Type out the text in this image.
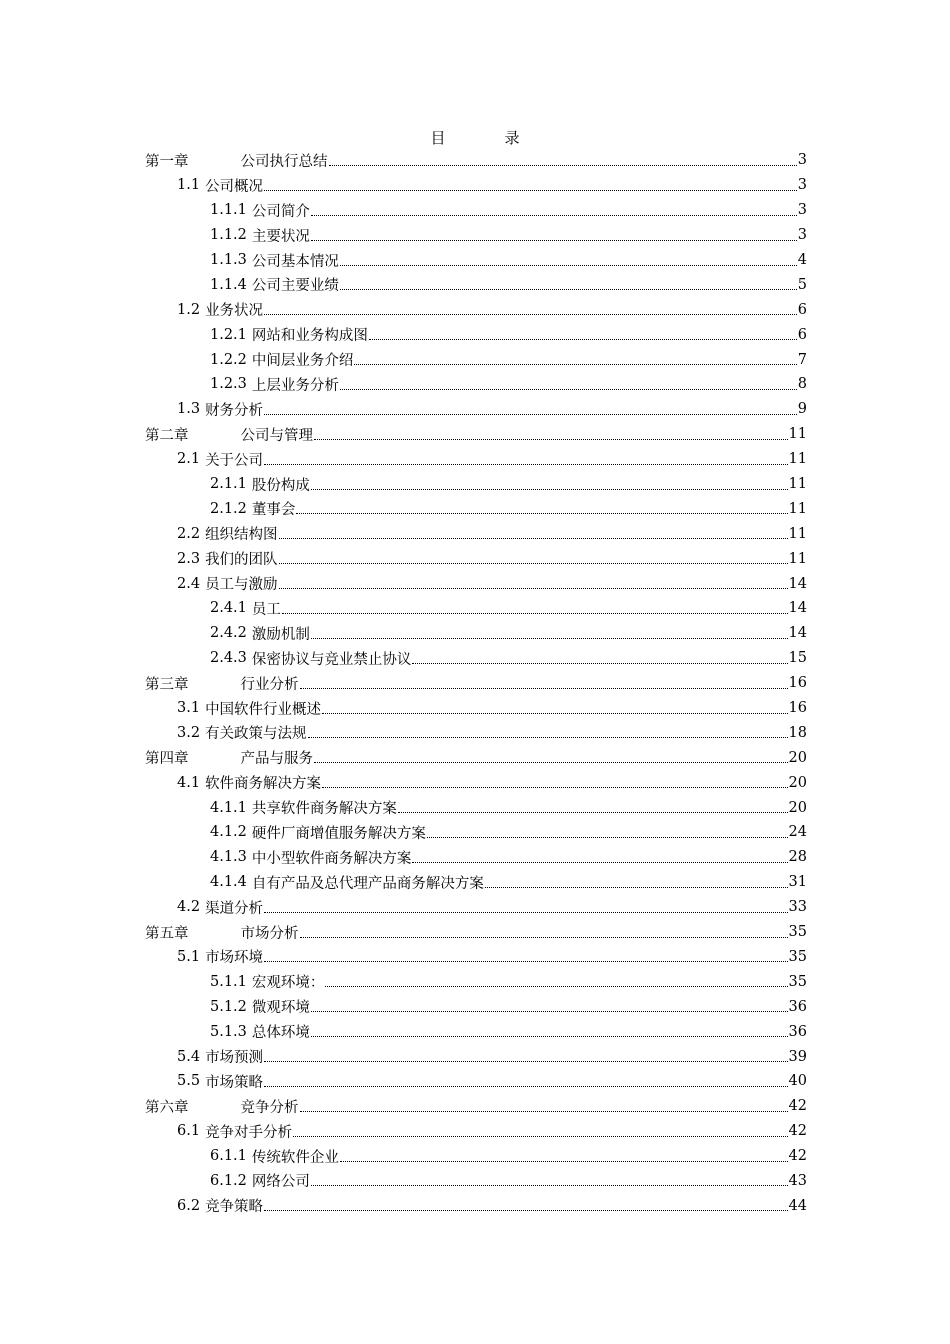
目　录
第一章	公司执行总结	3
1.1 公司概况	3
1.1.1 公司简介	3
1.1.2 主要状况	3
1.1.3 公司基本情况	4
1.1.4 公司主要业绩	5
1.2 业务状况	6
1.2.1 网站和业务构成图	6
1.2.2 中间层业务介绍	7
1.2.3 上层业务分析	8
1.3 财务分析	9
第二章	公司与管理	11
2.1 关于公司	11
2.1.1 股份构成	11
2.1.2 董事会	11
2.2 组织结构图	11
2.3 我们的团队	11
2.4 员工与激励	14
2.4.1 员工	14
2.4.2 激励机制	14
2.4.3 保密协议与竞业禁止协议	15
第三章	行业分析	16
3.1 中国软件行业概述	16
3.2 有关政策与法规	18
第四章	产品与服务	20
4.1 软件商务解决方案	20
4.1.1 共享软件商务解决方案	20
4.1.2 硬件厂商增值服务解决方案	24
4.1.3 中小型软件商务解决方案	28
4.1.4 自有产品及总代理产品商务解决方案	31
4.2 渠道分析	33
第五章	市场分析	35
5.1 市场环境	35
5.1.1 宏观环境：	35
5.1.2 微观环境	36
5.1.3 总体环境	36
5.4 市场预测	39
5.5 市场策略	40
第六章	竞争分析	42
6.1 竞争对手分析	42
6.1.1 传统软件企业	42
6.1.2 网络公司	43
6.2 竞争策略	44
